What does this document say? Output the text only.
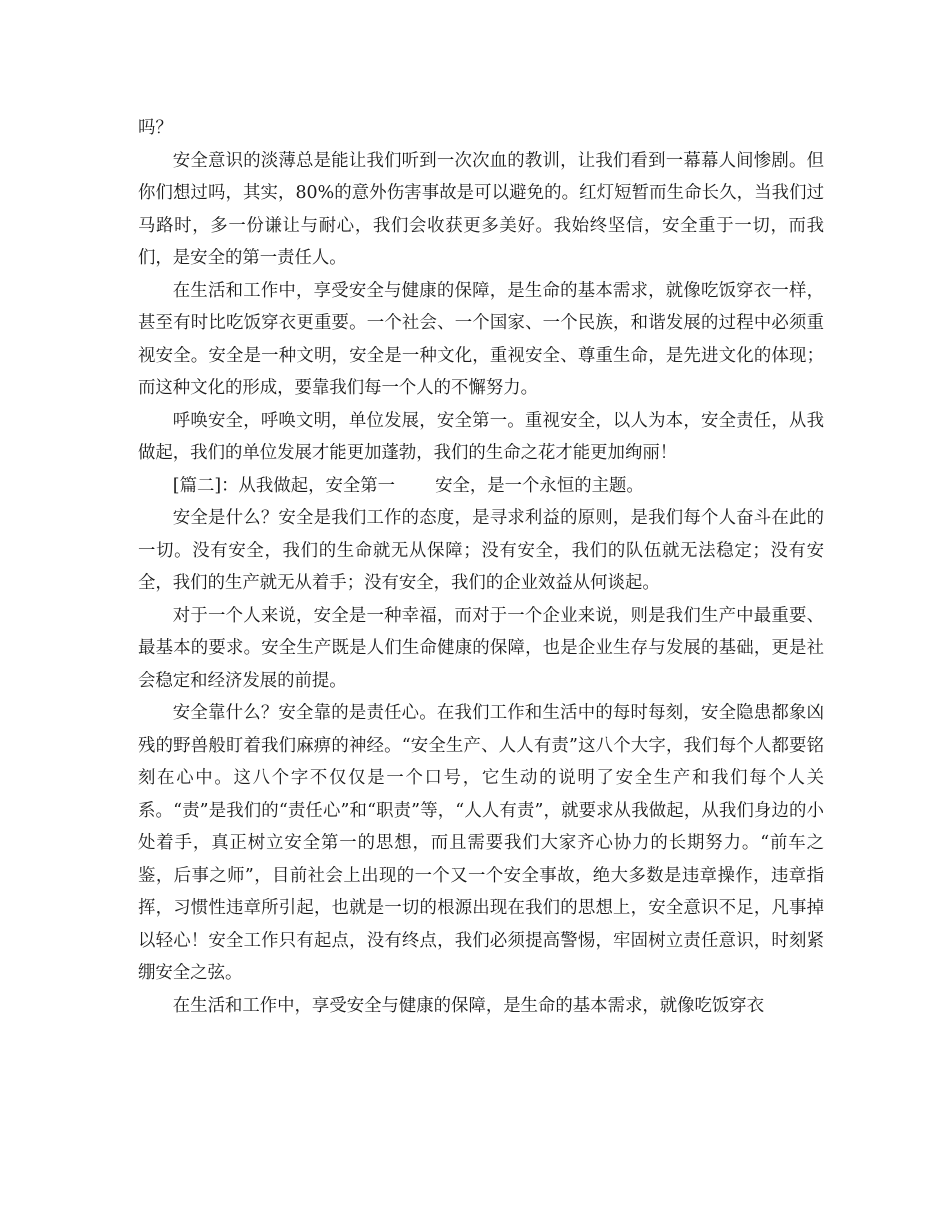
吗？

安全意识的淡薄总是能让我们听到一次次血的教训，让我们看到一幕幕人间惨剧。但你们想过吗，其实，80%的意外伤害事故是可以避免的。红灯短暂而生命长久，当我们过马路时，多一份谦让与耐心，我们会收获更多美好。我始终坚信，安全重于一切，而我们，是安全的第一责任人。

在生活和工作中，享受安全与健康的保障，是生命的基本需求，就像吃饭穿衣一样，甚至有时比吃饭穿衣更重要。一个社会、一个国家、一个民族，和谐发展的过程中必须重视安全。安全是一种文明，安全是一种文化，重视安全、尊重生命，是先进文化的体现；而这种文化的形成，要靠我们每一个人的不懈努力。

呼唤安全，呼唤文明，单位发展，安全第一。重视安全，以人为本，安全责任，从我做起，我们的单位发展才能更加蓬勃，我们的生命之花才能更加绚丽！

[篇二]：从我做起，安全第一 安全，是一个永恒的主题。

安全是什么？安全是我们工作的态度，是寻求利益的原则，是我们每个人奋斗在此的一切。没有安全，我们的生命就无从保障；没有安全，我们的队伍就无法稳定；没有安全，我们的生产就无从着手；没有安全，我们的企业效益从何谈起。

对于一个人来说，安全是一种幸福，而对于一个企业来说，则是我们生产中最重要、最基本的要求。安全生产既是人们生命健康的保障，也是企业生存与发展的基础，更是社会稳定和经济发展的前提。

安全靠什么？安全靠的是责任心。在我们工作和生活中的每时每刻，安全隐患都象凶残的野兽般盯着我们麻痹的神经。“安全生产、人人有责”这八个大字，我们每个人都要铭刻在心中。这八个字不仅仅是一个口号，它生动的说明了安全生产和我们每个人关系。“责”是我们的“责任心”和“职责”等，“人人有责”，就要求从我做起，从我们身边的小处着手，真正树立安全第一的思想，而且需要我们大家齐心协力的长期努力。“前车之鉴，后事之师”，目前社会上出现的一个又一个安全事故，绝大多数是违章操作，违章指挥，习惯性违章所引起，也就是一切的根源出现在我们的思想上，安全意识不足，凡事掉以轻心！安全工作只有起点，没有终点，我们必须提高警惕，牢固树立责任意识，时刻紧绷安全之弦。

在生活和工作中，享受安全与健康的保障，是生命的基本需求，就像吃饭穿衣
